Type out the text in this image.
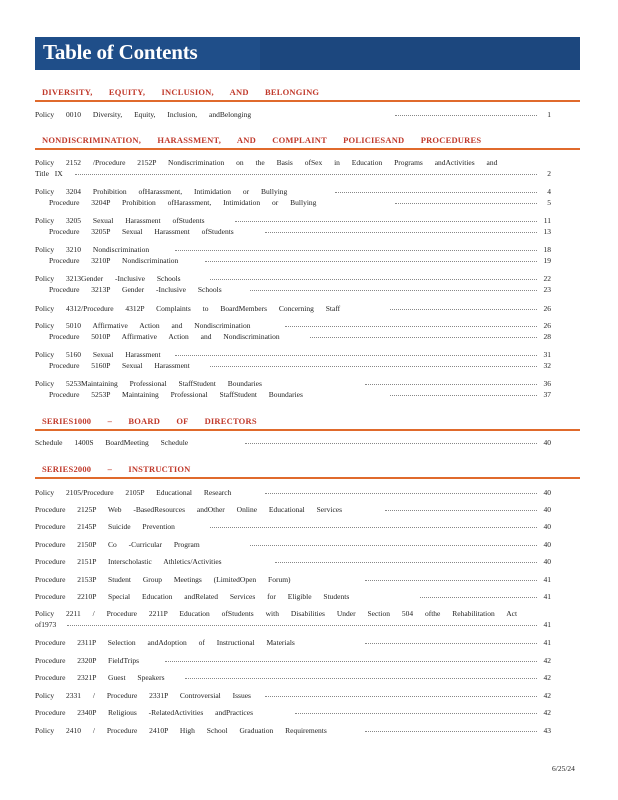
Table of Contents
DIVERSITY, EQUITY, INCLUSION, AND BELONGING
Policy 0010 Diversity, Equity, Inclusion, andBelonging	1
NONDISCRIMINATION, HARASSMENT, AND COMPLAINT POLICIESAND PROCEDURES
Policy 2152 /Procedure 2152P Nondiscrimination on the Basis ofSex in Education Programs andActivities and
Title IX	2
Policy 3204 Prohibition ofHarassment, Intimidation or Bullying	4
Procedure 3204P Prohibition ofHarassment, Intimidation or Bullying	5
Policy 3205 Sexual Harassment ofStudents	11
Procedure 3205P Sexual Harassment ofStudents	13
Policy 3210 Nondiscrimination	18
Procedure 3210P Nondiscrimination	19
Policy 3213Gender -Inclusive Schools	22
Procedure 3213P Gender -Inclusive Schools	23
Policy 4312/Procedure 4312P Complaints to BoardMembers Concerning Staff	26
Policy 5010 Affirmative Action and Nondiscrimination	26
Procedure 5010P Affirmative Action and Nondiscrimination	28
Policy 5160 Sexual Harassment	31
Procedure 5160P Sexual Harassment	32
Policy 5253Maintaining Professional StaffStudent Boundaries	36
Procedure 5253P Maintaining Professional StaffStudent Boundaries	37
SERIES1000 – BOARD OF DIRECTORS
Schedule 1400S BoardMeeting Schedule	40
SERIES2000 – INSTRUCTION
Policy 2105/Procedure 2105P Educational Research	40
Procedure 2125P Web -BasedResources andOther Online Educational Services	40
Procedure 2145P Suicide Prevention	40
Procedure 2150P Co -Curricular Program	40
Procedure 2151P Interscholastic Athletics/Activities	40
Procedure 2153P Student Group Meetings (LimitedOpen Forum)	41
Procedure 2210P Special Education andRelated Services for Eligible Students	41
Policy 2211 / Procedure 2211P Education ofStudents with Disabilities Under Section 504 ofthe Rehabilitation Act
of1973	41
Procedure 2311P Selection andAdoption of Instructional Materials	41
Procedure 2320P FieldTrips	42
Procedure 2321P Guest Speakers	42
Policy 2331 / Procedure 2331P Controversial Issues	42
Procedure 2340P Religious -RelatedActivities andPractices	42
Policy 2410 / Procedure 2410P High School Graduation Requirements	43
6/25/24
